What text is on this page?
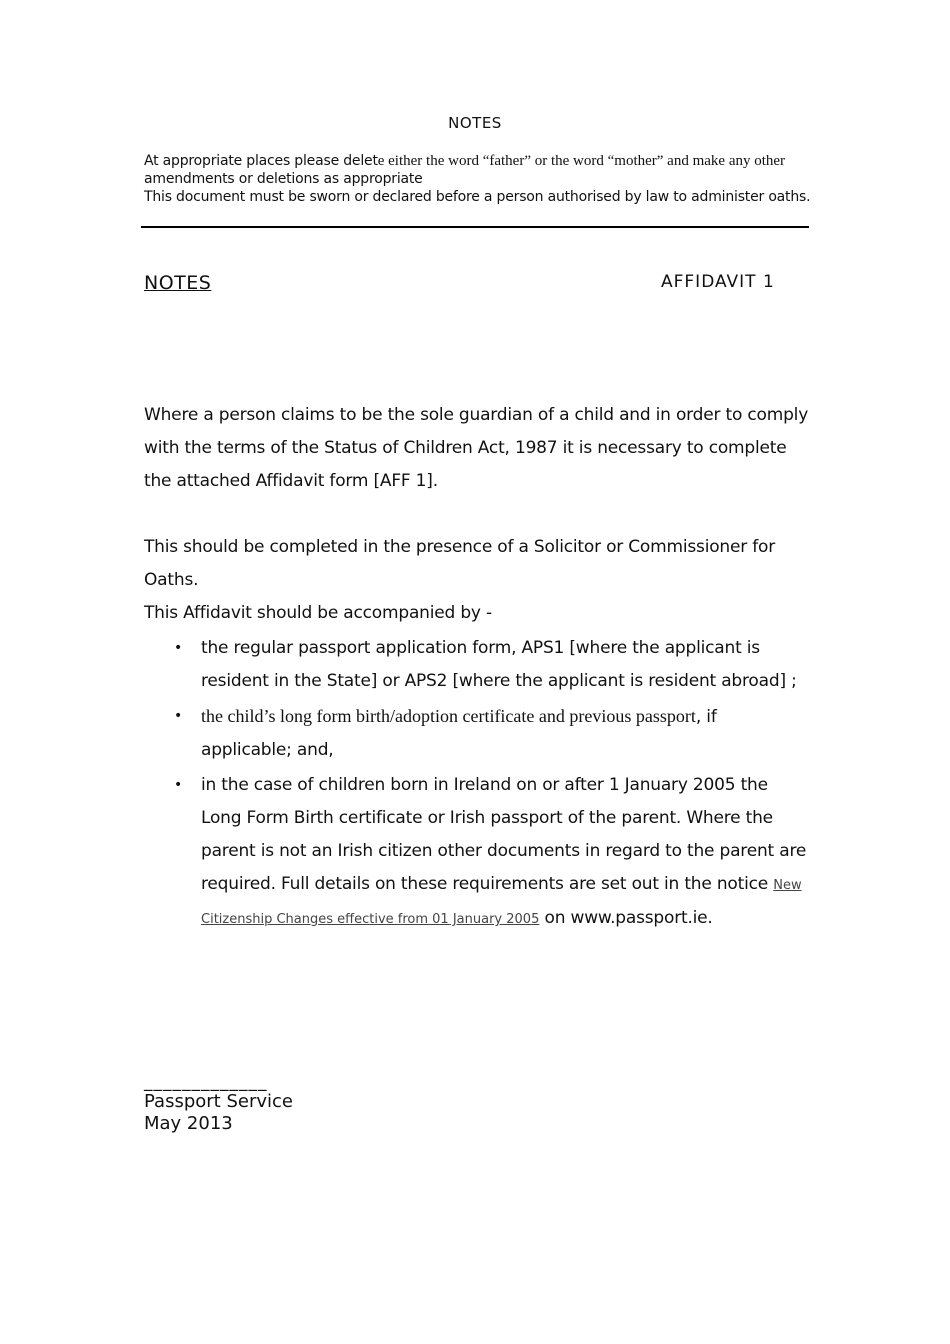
NOTES
At appropriate places please delete either the word “father” or the word “mother” and make any other
amendments or deletions as appropriate
This document must be sworn or declared before a person authorised by law to administer oaths.
NOTES	AFFIDAVIT 1
Where a person claims to be the sole guardian of a child and in order to comply with the terms of the Status of Children Act, 1987 it is necessary to complete the attached Affidavit form [AFF 1].
This should be completed in the presence of a Solicitor or Commissioner for Oaths.
This Affidavit should be accompanied by -
• the regular passport application form, APS1 [where the applicant is resident in the State] or APS2 [where the applicant is resident abroad] ;
• the child’s long form birth/adoption certificate and previous passport, if applicable; and,
• in the case of children born in Ireland on or after 1 January 2005 the Long Form Birth certificate or Irish passport of the parent. Where the parent is not an Irish citizen other documents in regard to the parent are required. Full details on these requirements are set out in the notice New Citizenship Changes effective from 01 January 2005 on www.passport.ie.
_____________
Passport Service
May 2013
